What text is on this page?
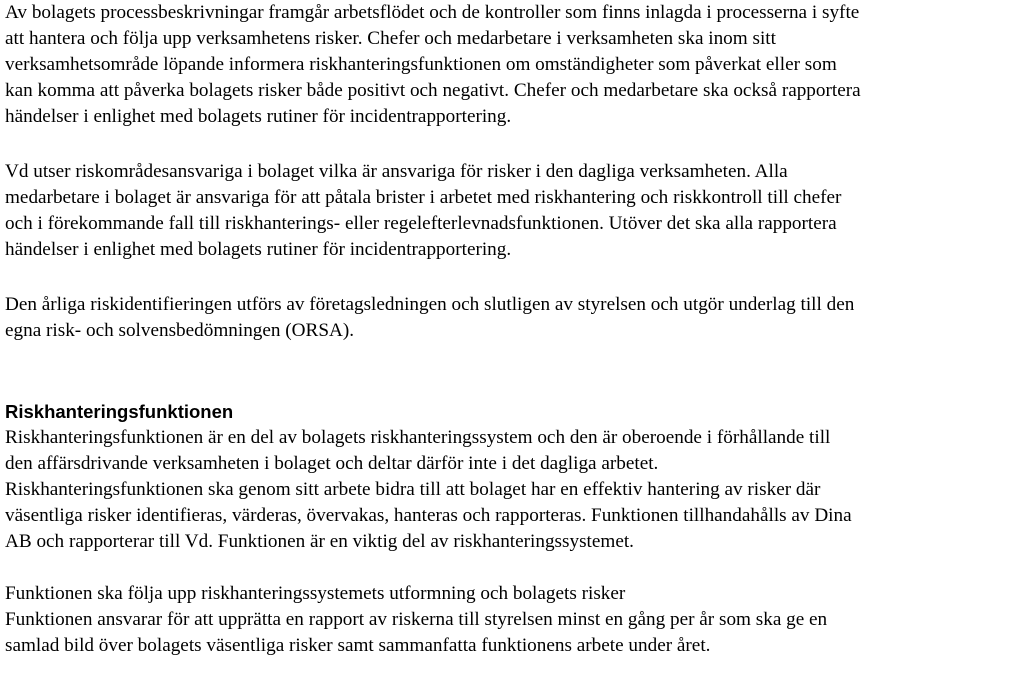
Av bolagets processbeskrivningar framgår arbetsflödet och de kontroller som finns inlagda i processerna i syfte
att hantera och följa upp verksamhetens risker. Chefer och medarbetare i verksamheten ska inom sitt
verksamhetsområde löpande informera riskhanteringsfunktionen om omständigheter som påverkat eller som
kan komma att påverka bolagets risker både positivt och negativt. Chefer och medarbetare ska också rapportera
händelser i enlighet med bolagets rutiner för incidentrapportering.
Vd utser riskområdesansvariga i bolaget vilka är ansvariga för risker i den dagliga verksamheten. Alla
medarbetare i bolaget är ansvariga för att påtala brister i arbetet med riskhantering och riskkontroll till chefer
och i förekommande fall till riskhanterings- eller regelefterlevnadsfunktionen. Utöver det ska alla rapportera
händelser i enlighet med bolagets rutiner för incidentrapportering.
Den årliga riskidentifieringen utförs av företagsledningen och slutligen av styrelsen och utgör underlag till den
egna risk- och solvensbedömningen (ORSA).
Riskhanteringsfunktionen
Riskhanteringsfunktionen är en del av bolagets riskhanteringssystem och den är oberoende i förhållande till
den affärsdrivande verksamheten i bolaget och deltar därför inte i det dagliga arbetet.
Riskhanteringsfunktionen ska genom sitt arbete bidra till att bolaget har en effektiv hantering av risker där
väsentliga risker identifieras, värderas, övervakas, hanteras och rapporteras. Funktionen tillhandahålls av Dina
AB och rapporterar till Vd. Funktionen är en viktig del av riskhanteringssystemet.
Funktionen ska följa upp riskhanteringssystemets utformning och bolagets risker
Funktionen ansvarar för att upprätta en rapport av riskerna till styrelsen minst en gång per år som ska ge en
samlad bild över bolagets väsentliga risker samt sammanfatta funktionens arbete under året.
